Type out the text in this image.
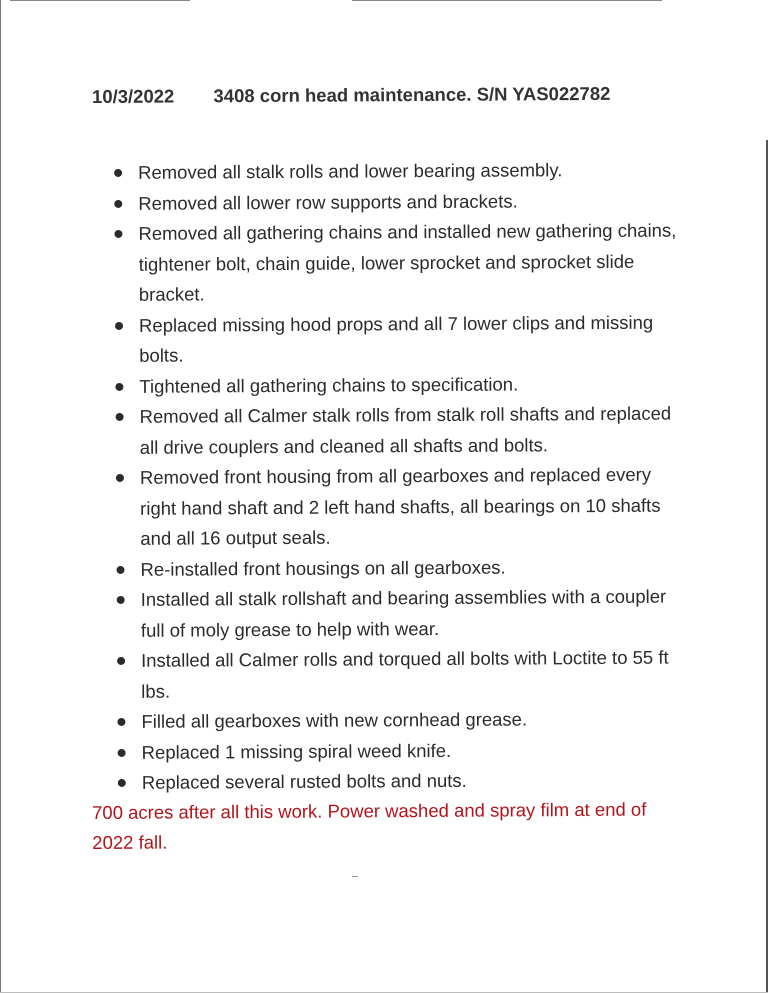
10/3/2022 3408 corn head maintenance. S/N YAS022782
Removed all stalk rolls and lower bearing assembly.
Removed all lower row supports and brackets.
Removed all gathering chains and installed new gathering chains, tightener bolt, chain guide, lower sprocket and sprocket slide bracket.
Replaced missing hood props and all 7 lower clips and missing bolts.
Tightened all gathering chains to specification.
Removed all Calmer stalk rolls from stalk roll shafts and replaced all drive couplers and cleaned all shafts and bolts.
Removed front housing from all gearboxes and replaced every right hand shaft and 2 left hand shafts, all bearings on 10 shafts and all 16 output seals.
Re-installed front housings on all gearboxes.
Installed all stalk rollshaft and bearing assemblies with a coupler full of moly grease to help with wear.
Installed all Calmer rolls and torqued all bolts with Loctite to 55 ft lbs.
Filled all gearboxes with new cornhead grease.
Replaced 1 missing spiral weed knife.
Replaced several rusted bolts and nuts.
700 acres after all this work. Power washed and spray film at end of 2022 fall.
